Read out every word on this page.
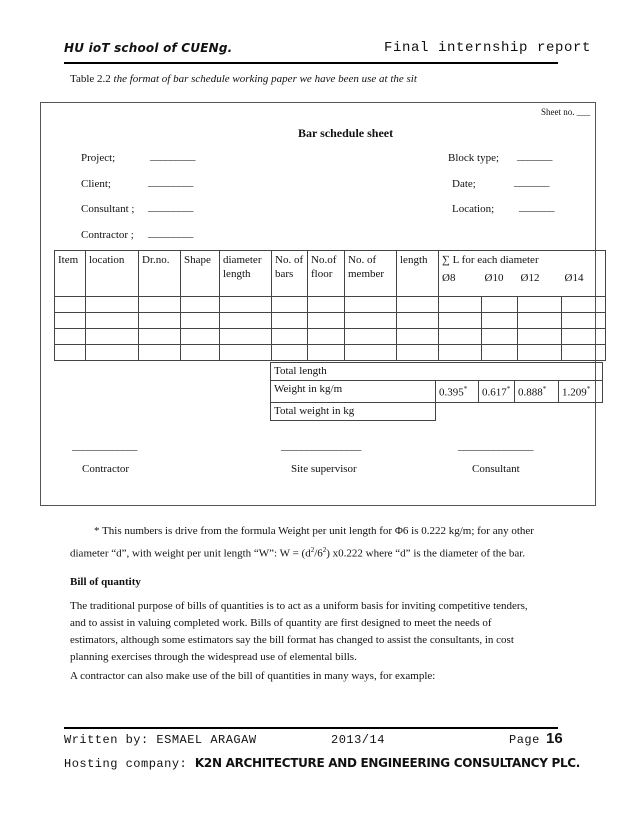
HU ioT school of CUENg.	Final internship report
Table 2.2 the format of bar schedule working paper we have been use at the sit
Sheet no. ___
Bar schedule sheet
Project;	_________
Client;	_________
Consultant ; _________
Contractor ; _________
Block type; _______
Date;	_______
Location; _______
Item	location	Dr.no.	Shape	diameter length	No. of bars	No.of floor	No. of member	length	∑ L for each diameter			
									Ø8	Ø10	Ø12	Ø14

Total length				
Weight in kg/m	0.395*	0.617*	0.888*	1.209*
Total weight in kg				
_____________	________________	_______________
Contractor	Site supervisor	Consultant
* This numbers is drive from the formula Weight per unit length for Φ6 is 0.222 kg/m; for any other
diameter “d”, with weight per unit length “W”: $W = (d^2/6^2)$ x0.222 where “d” is the diameter of the bar.
Bill of quantity
The traditional purpose of bills of quantities is to act as a uniform basis for inviting competitive tenders,
and to assist in valuing completed work. Bills of quantity are first designed to meet the needs of
estimators, although some estimators say the bill format has changed to assist the consultants, in cost
planning exercises through the widespread use of elemental bills.
A contractor can also make use of the bill of quantities in many ways, for example:
Written by: ESMAEL ARAGAW	2013/14	Page 16
Hosting company: K2N ARCHITECTURE AND ENGINEERING CONSULTANCY PLC.
